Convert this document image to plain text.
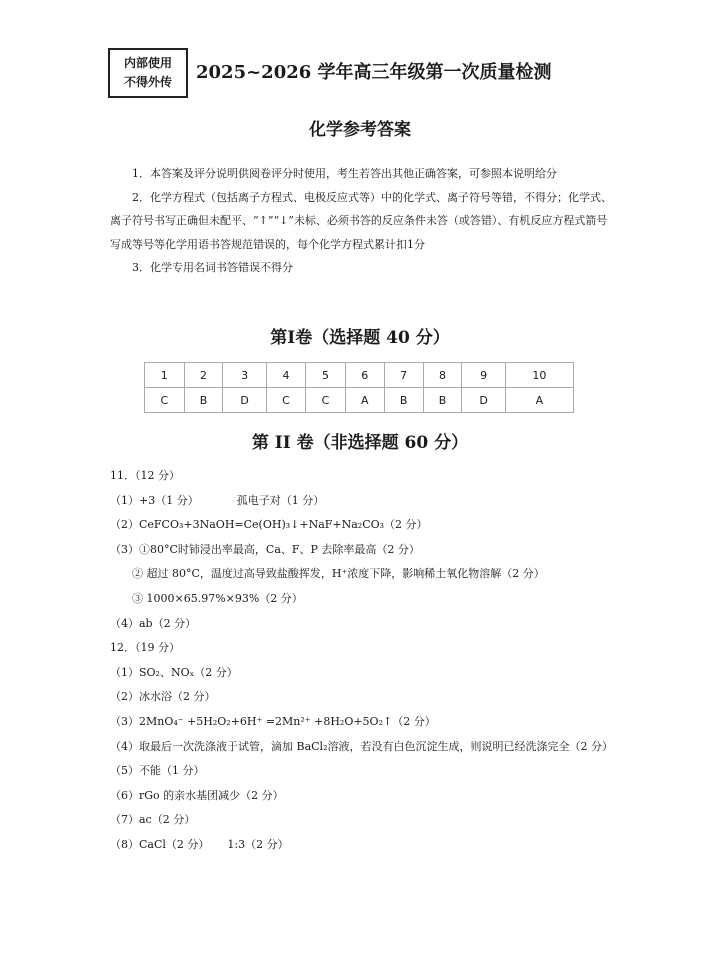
内部使用
不得外传 2025~2026 学年高三年级第一次质量检测
化学参考答案

1．本答案及评分说明供阅卷评分时使用，考生若答出其他正确答案，可参照本说明给分

2．化学方程式（包括离子方程式、电极反应式等）中的化学式、离子符号等错，不得分；化学式、离子符号书写正确但未配平、“↑”“↓”未标、必须书答的反应条件未答（或答错）、有机反应方程式箭号写成等号等化学用语书答规范错误的，每个化学方程式累计扣1分

3．化学专用名词书答错误不得分

第Ⅰ卷（选择题 40 分）
1	2	3	4	5	6	7	8	9	10
C	B	D	C	C	A	B	B	D	A
第 II 卷（非选择题 60 分）
11．（12 分）
（1）+3（1 分）	孤电子对（1 分）
（2）CeFCO₃+3NaOH=Ce(OH)₃↓+NaF+Na₂CO₃（2 分）
（3）①80°C时铈浸出率最高，Ca、F、P 去除率最高（2 分）
② 超过 80°C，温度过高导致盐酸挥发，H⁺浓度下降，影响稀土氧化物溶解（2 分）
③ 1000×65.97%×93%（2 分）
（4）ab（2 分）
12．（19 分）
（1）SO₂、NOₓ（2 分）
（2）冰水浴（2 分）
（3）2MnO₄⁻ +5H₂O₂+6H⁺ =2Mn²⁺ +8H₂O+5O₂↑（2 分）
（4）取最后一次洗涤液于试管，滴加 BaCl₂溶液，若没有白色沉淀生成，则说明已经洗涤完全（2 分）
（5）不能（1 分）
（6）rGo 的亲水基团减少（2 分）
（7）ac（2 分）
（8）CaCl（2 分） 1:3（2 分）
